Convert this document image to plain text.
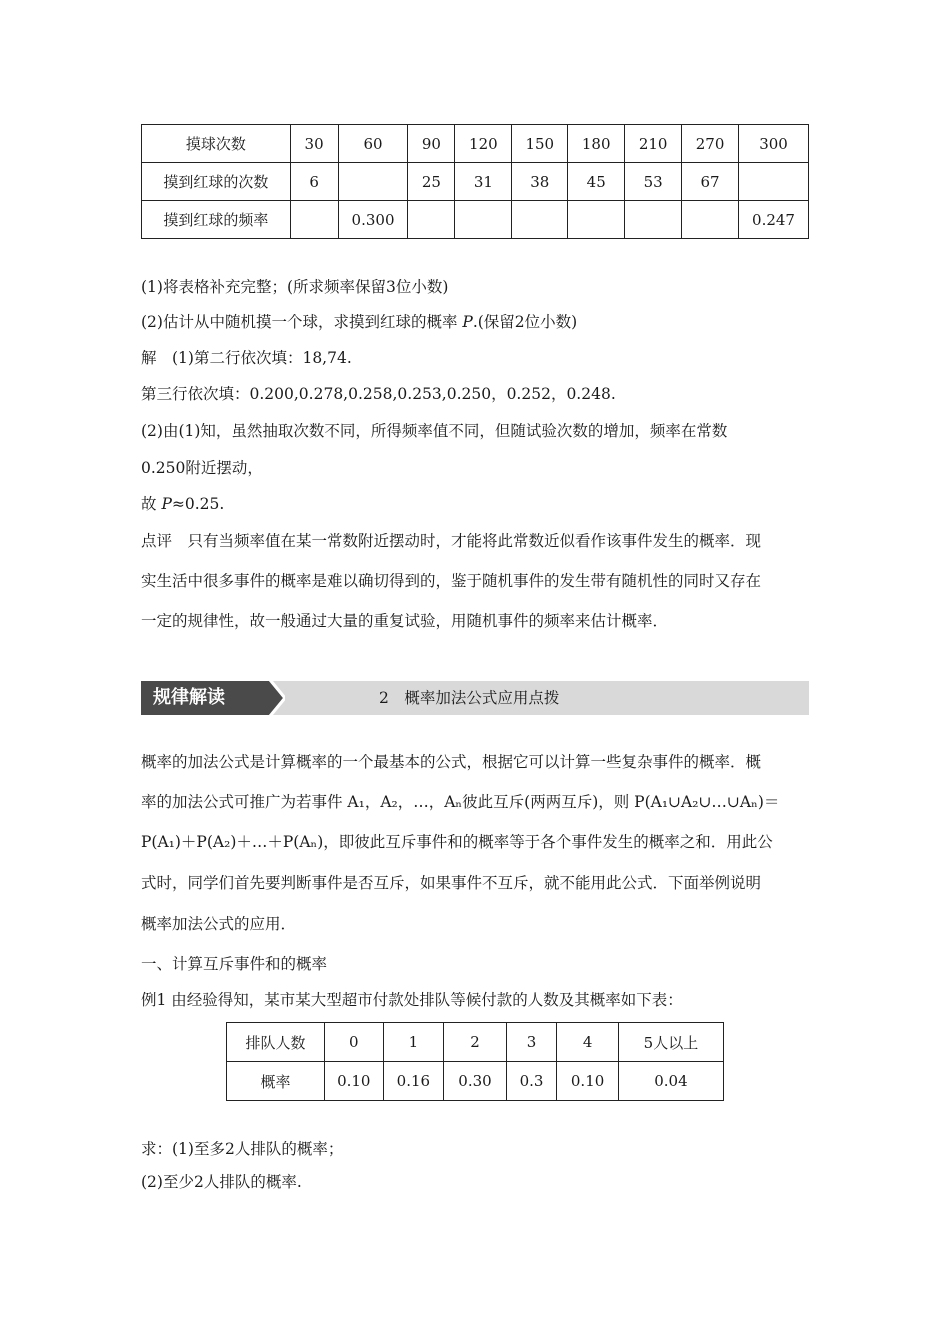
摸球次数	30	60	90	120	150	180	210	270	300
摸到红球的次数	6		25	31	38	45	53	67	
摸到红球的频率		0.300							0.247
(1)将表格补充完整；(所求频率保留3位小数)
(2)估计从中随机摸一个球，求摸到红球的概率 P.(保留2位小数)
解　(1)第二行依次填：18,74.
第三行依次填：0.200,0.278,0.258,0.253,0.250，0.252，0.248.
(2)由(1)知，虽然抽取次数不同，所得频率值不同，但随试验次数的增加，频率在常数
0.250附近摆动，
故 P≈0.25.
点评　只有当频率值在某一常数附近摆动时，才能将此常数近似看作该事件发生的概率．现
实生活中很多事件的概率是难以确切得到的，鉴于随机事件的发生带有随机性的同时又存在
一定的规律性，故一般通过大量的重复试验，用随机事件的频率来估计概率．
规律解读	2　概率加法公式应用点拨
概率的加法公式是计算概率的一个最基本的公式，根据它可以计算一些复杂事件的概率．概
率的加法公式可推广为若事件 A₁，A₂，…，Aₙ彼此互斥(两两互斥)，则 P(A₁∪A₂∪…∪Aₙ)＝
P(A₁)＋P(A₂)＋…＋P(Aₙ)，即彼此互斥事件和的概率等于各个事件发生的概率之和．用此公
式时，同学们首先要判断事件是否互斥，如果事件不互斥，就不能用此公式．下面举例说明
概率加法公式的应用．
一、计算互斥事件和的概率
例1 由经验得知，某市某大型超市付款处排队等候付款的人数及其概率如下表：
排队人数	0	1	2	3	4	5人以上
概率	0.10	0.16	0.30	0.3	0.10	0.04
求：(1)至多2人排队的概率；
(2)至少2人排队的概率.
